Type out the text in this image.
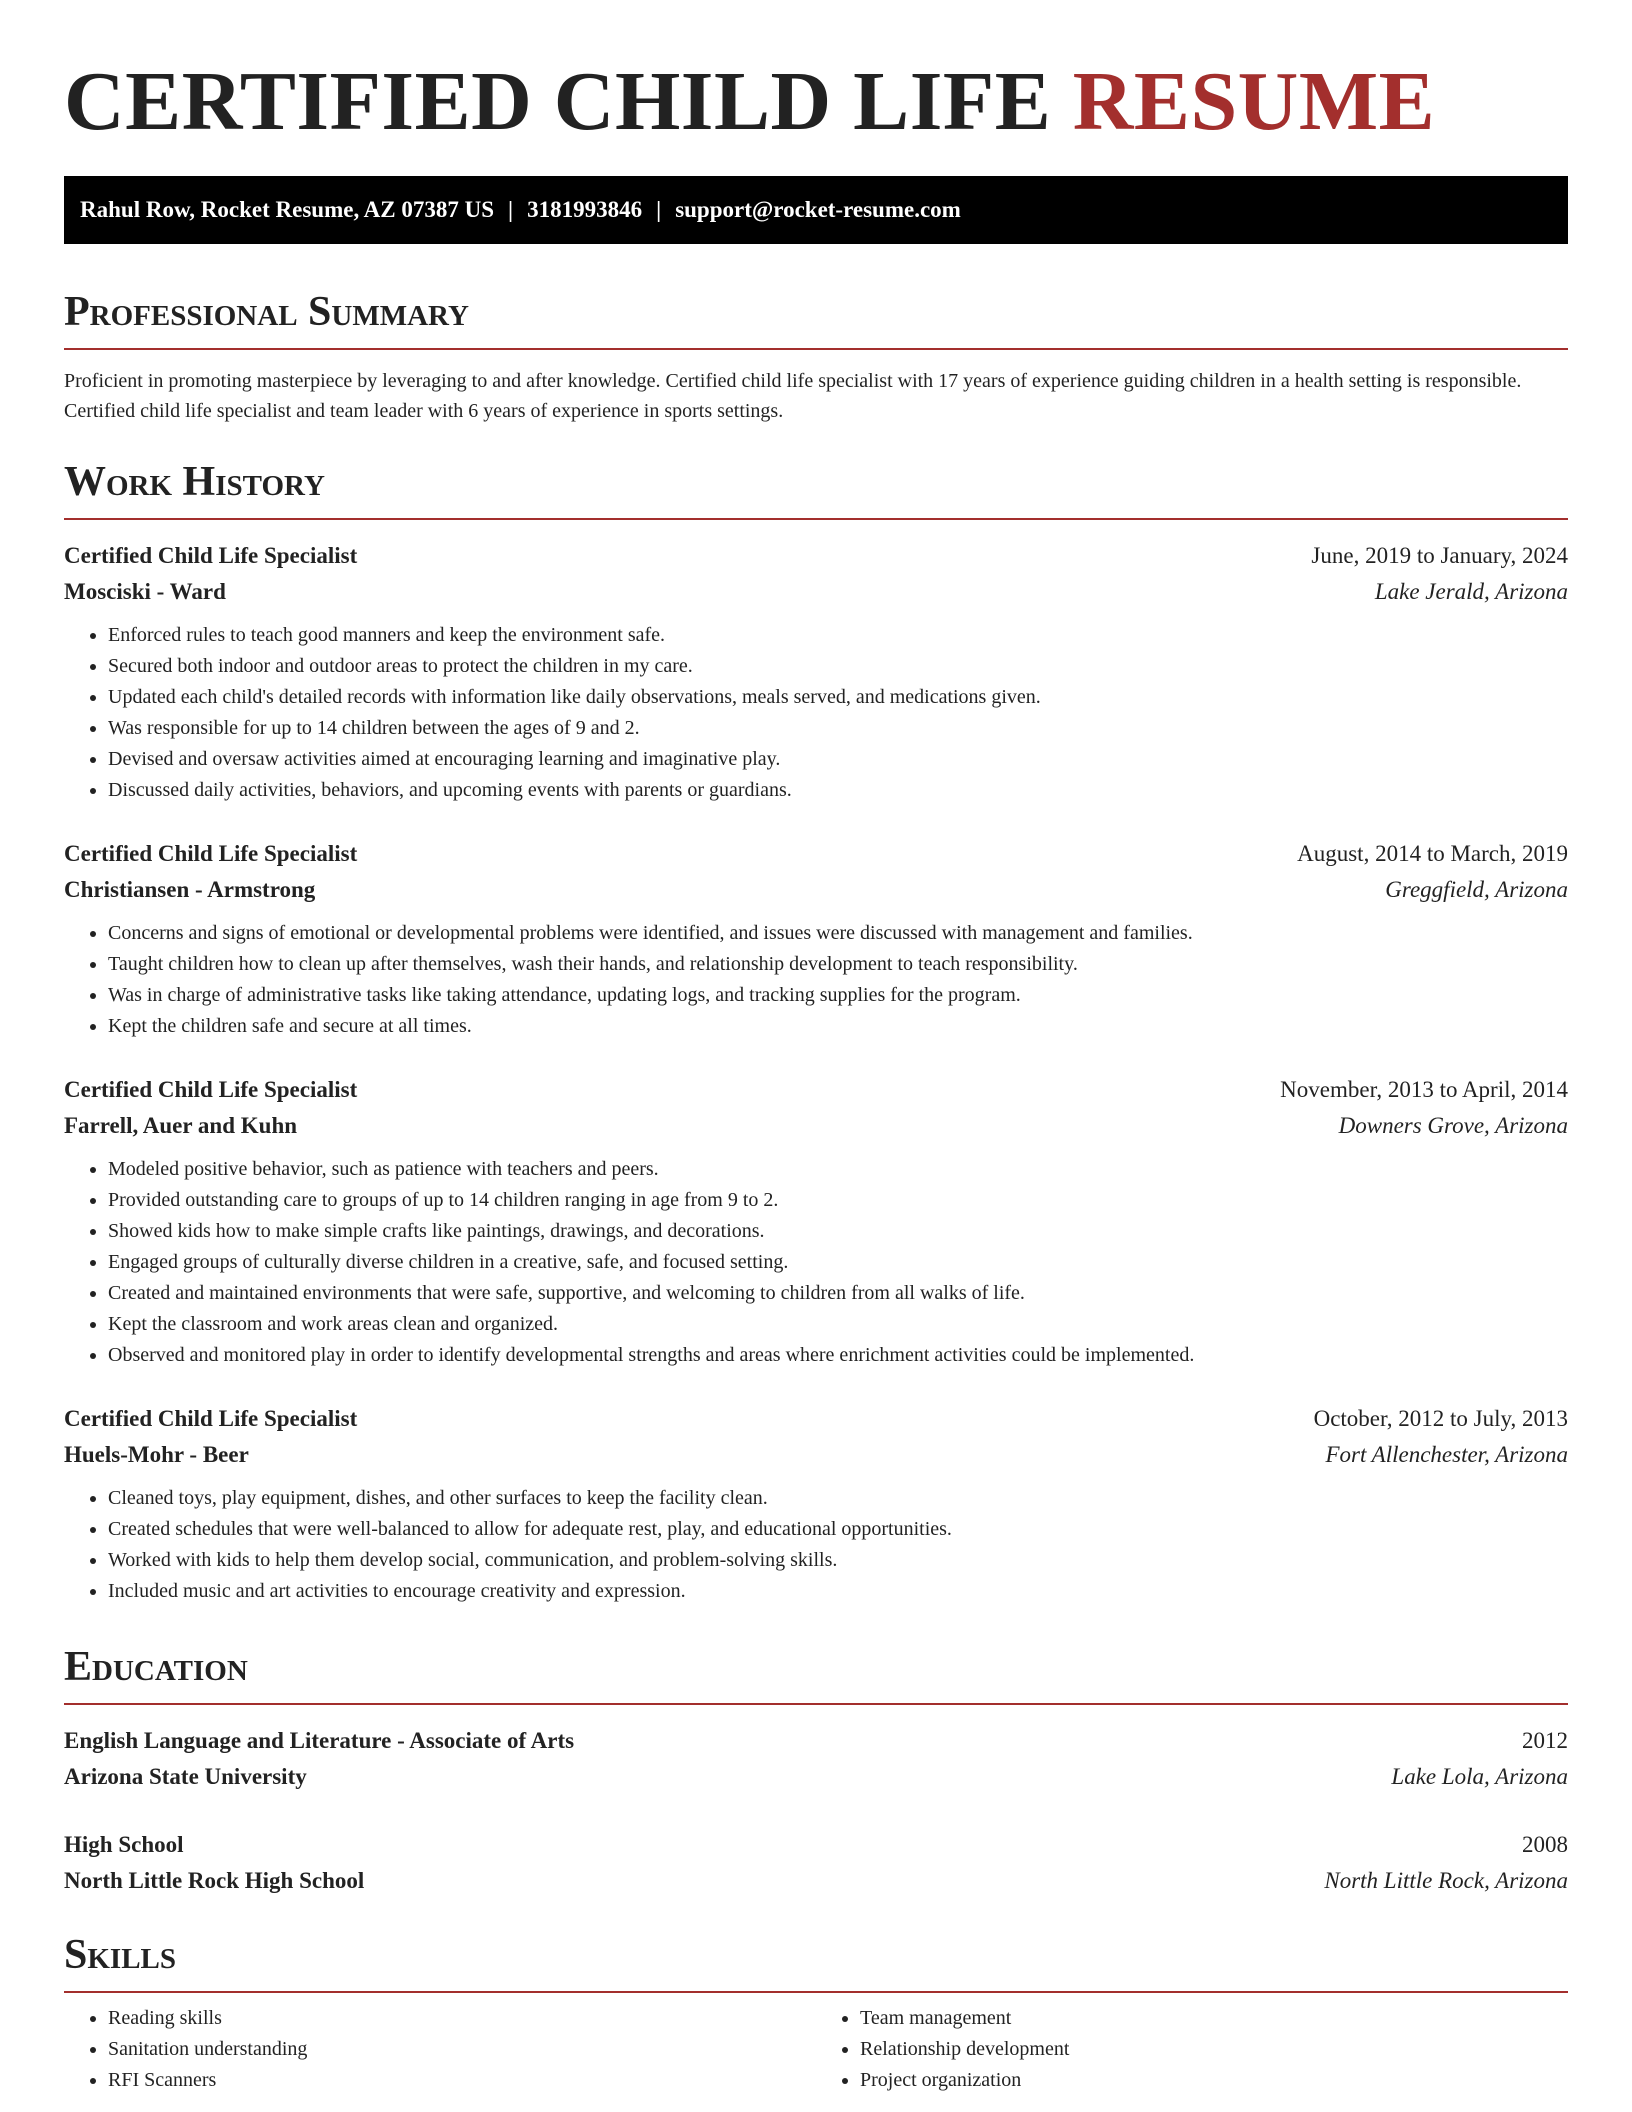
CERTIFIED CHILD LIFE RESUME
Rahul Row, Rocket Resume, AZ 07387 US | 3181993846 | support@rocket-resume.com
Professional Summary

Proficient in promoting masterpiece by leveraging to and after knowledge. Certified child life specialist with 17 years of experience guiding children in a health setting is responsible. Certified child life specialist and team leader with 6 years of experience in sports settings.

Work History
Certified Child Life Specialist	June, 2019 to January, 2024
Mosciski - Ward	Lake Jerald, Arizona
• Enforced rules to teach good manners and keep the environment safe.
• Secured both indoor and outdoor areas to protect the children in my care.
• Updated each child's detailed records with information like daily observations, meals served, and medications given.
• Was responsible for up to 14 children between the ages of 9 and 2.
• Devised and oversaw activities aimed at encouraging learning and imaginative play.
• Discussed daily activities, behaviors, and upcoming events with parents or guardians.
Certified Child Life Specialist	August, 2014 to March, 2019
Christiansen - Armstrong	Greggfield, Arizona
• Concerns and signs of emotional or developmental problems were identified, and issues were discussed with management and families.
• Taught children how to clean up after themselves, wash their hands, and relationship development to teach responsibility.
• Was in charge of administrative tasks like taking attendance, updating logs, and tracking supplies for the program.
• Kept the children safe and secure at all times.
Certified Child Life Specialist	November, 2013 to April, 2014
Farrell, Auer and Kuhn	Downers Grove, Arizona
• Modeled positive behavior, such as patience with teachers and peers.
• Provided outstanding care to groups of up to 14 children ranging in age from 9 to 2.
• Showed kids how to make simple crafts like paintings, drawings, and decorations.
• Engaged groups of culturally diverse children in a creative, safe, and focused setting.
• Created and maintained environments that were safe, supportive, and welcoming to children from all walks of life.
• Kept the classroom and work areas clean and organized.
• Observed and monitored play in order to identify developmental strengths and areas where enrichment activities could be implemented.
Certified Child Life Specialist	October, 2012 to July, 2013
Huels-Mohr - Beer	Fort Allenchester, Arizona
• Cleaned toys, play equipment, dishes, and other surfaces to keep the facility clean.
• Created schedules that were well-balanced to allow for adequate rest, play, and educational opportunities.
• Worked with kids to help them develop social, communication, and problem-solving skills.
• Included music and art activities to encourage creativity and expression.
Education
English Language and Literature - Associate of Arts	2012
Arizona State University	Lake Lola, Arizona
High School	2008
North Little Rock High School	North Little Rock, Arizona
Skills
• Reading skills
• Sanitation understanding
• RFI Scanners
• Team management
• Relationship development
• Project organization
